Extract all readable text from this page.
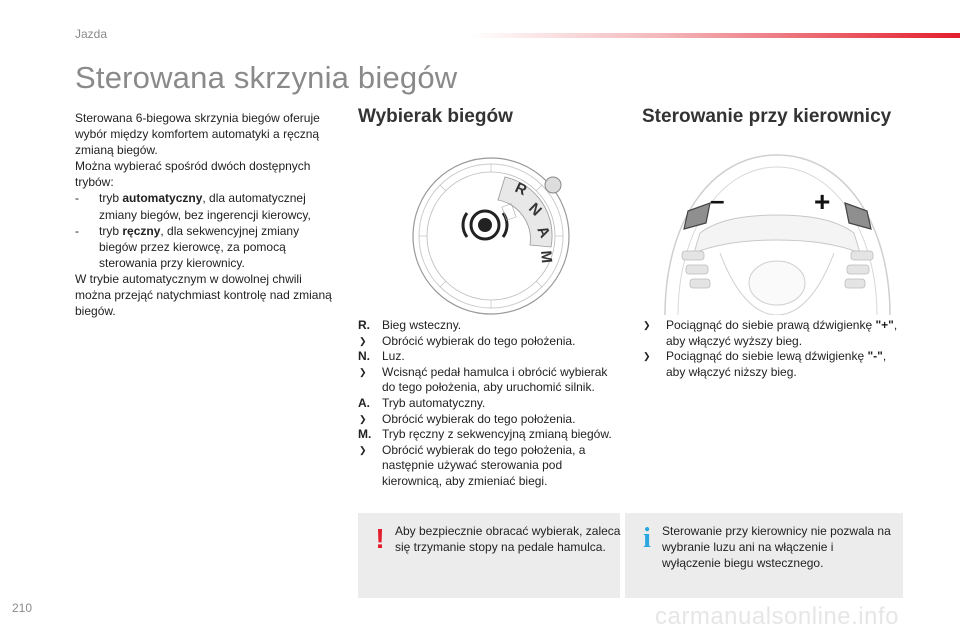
Jazda
Sterowana skrzynia biegów

Sterowana 6-biegowa skrzynia biegów oferuje wybór między komfortem automatyki a ręczną zmianą biegów.

Można wybierać spośród dwóch dostępnych trybów:

- tryb automatyczny, dla automatycznej zmiany biegów, bez ingerencji kierowcy,
- tryb ręczny, dla sekwencyjnej zmiany biegów przez kierowcę, za pomocą sterowania przy kierownicy.

W trybie automatycznym w dowolnej chwili można przejąć natychmiast kontrolę nad zmianą biegów.

Wybierak biegów
R
N
A
M
R. Bieg wsteczny.
❯ Obrócić wybierak do tego położenia.
N. Luz.
❯ Wcisnąć pedał hamulca i obrócić wybierak do tego położenia, aby uruchomić silnik.
A. Tryb automatyczny.
❯ Obrócić wybierak do tego położenia.
M. Tryb ręczny z sekwencyjną zmianą biegów.
❯ Obrócić wybierak do tego położenia, a następnie używać sterowania pod kierownicą, aby zmieniać biegi.
! Aby bezpiecznie obracać wybierak, zaleca się trzymanie stopy na pedale hamulca.
Sterowanie przy kierownicy
–	+
❯ Pociągnąć do siebie prawą dźwigienkę "+", aby włączyć wyższy bieg.
❯ Pociągnąć do siebie lewą dźwigienkę "-", aby włączyć niższy bieg.
i Sterowanie przy kierownicy nie pozwala na wybranie luzu ani na włączenie i wyłączenie biegu wstecznego.
210	carmanualsonline.info
